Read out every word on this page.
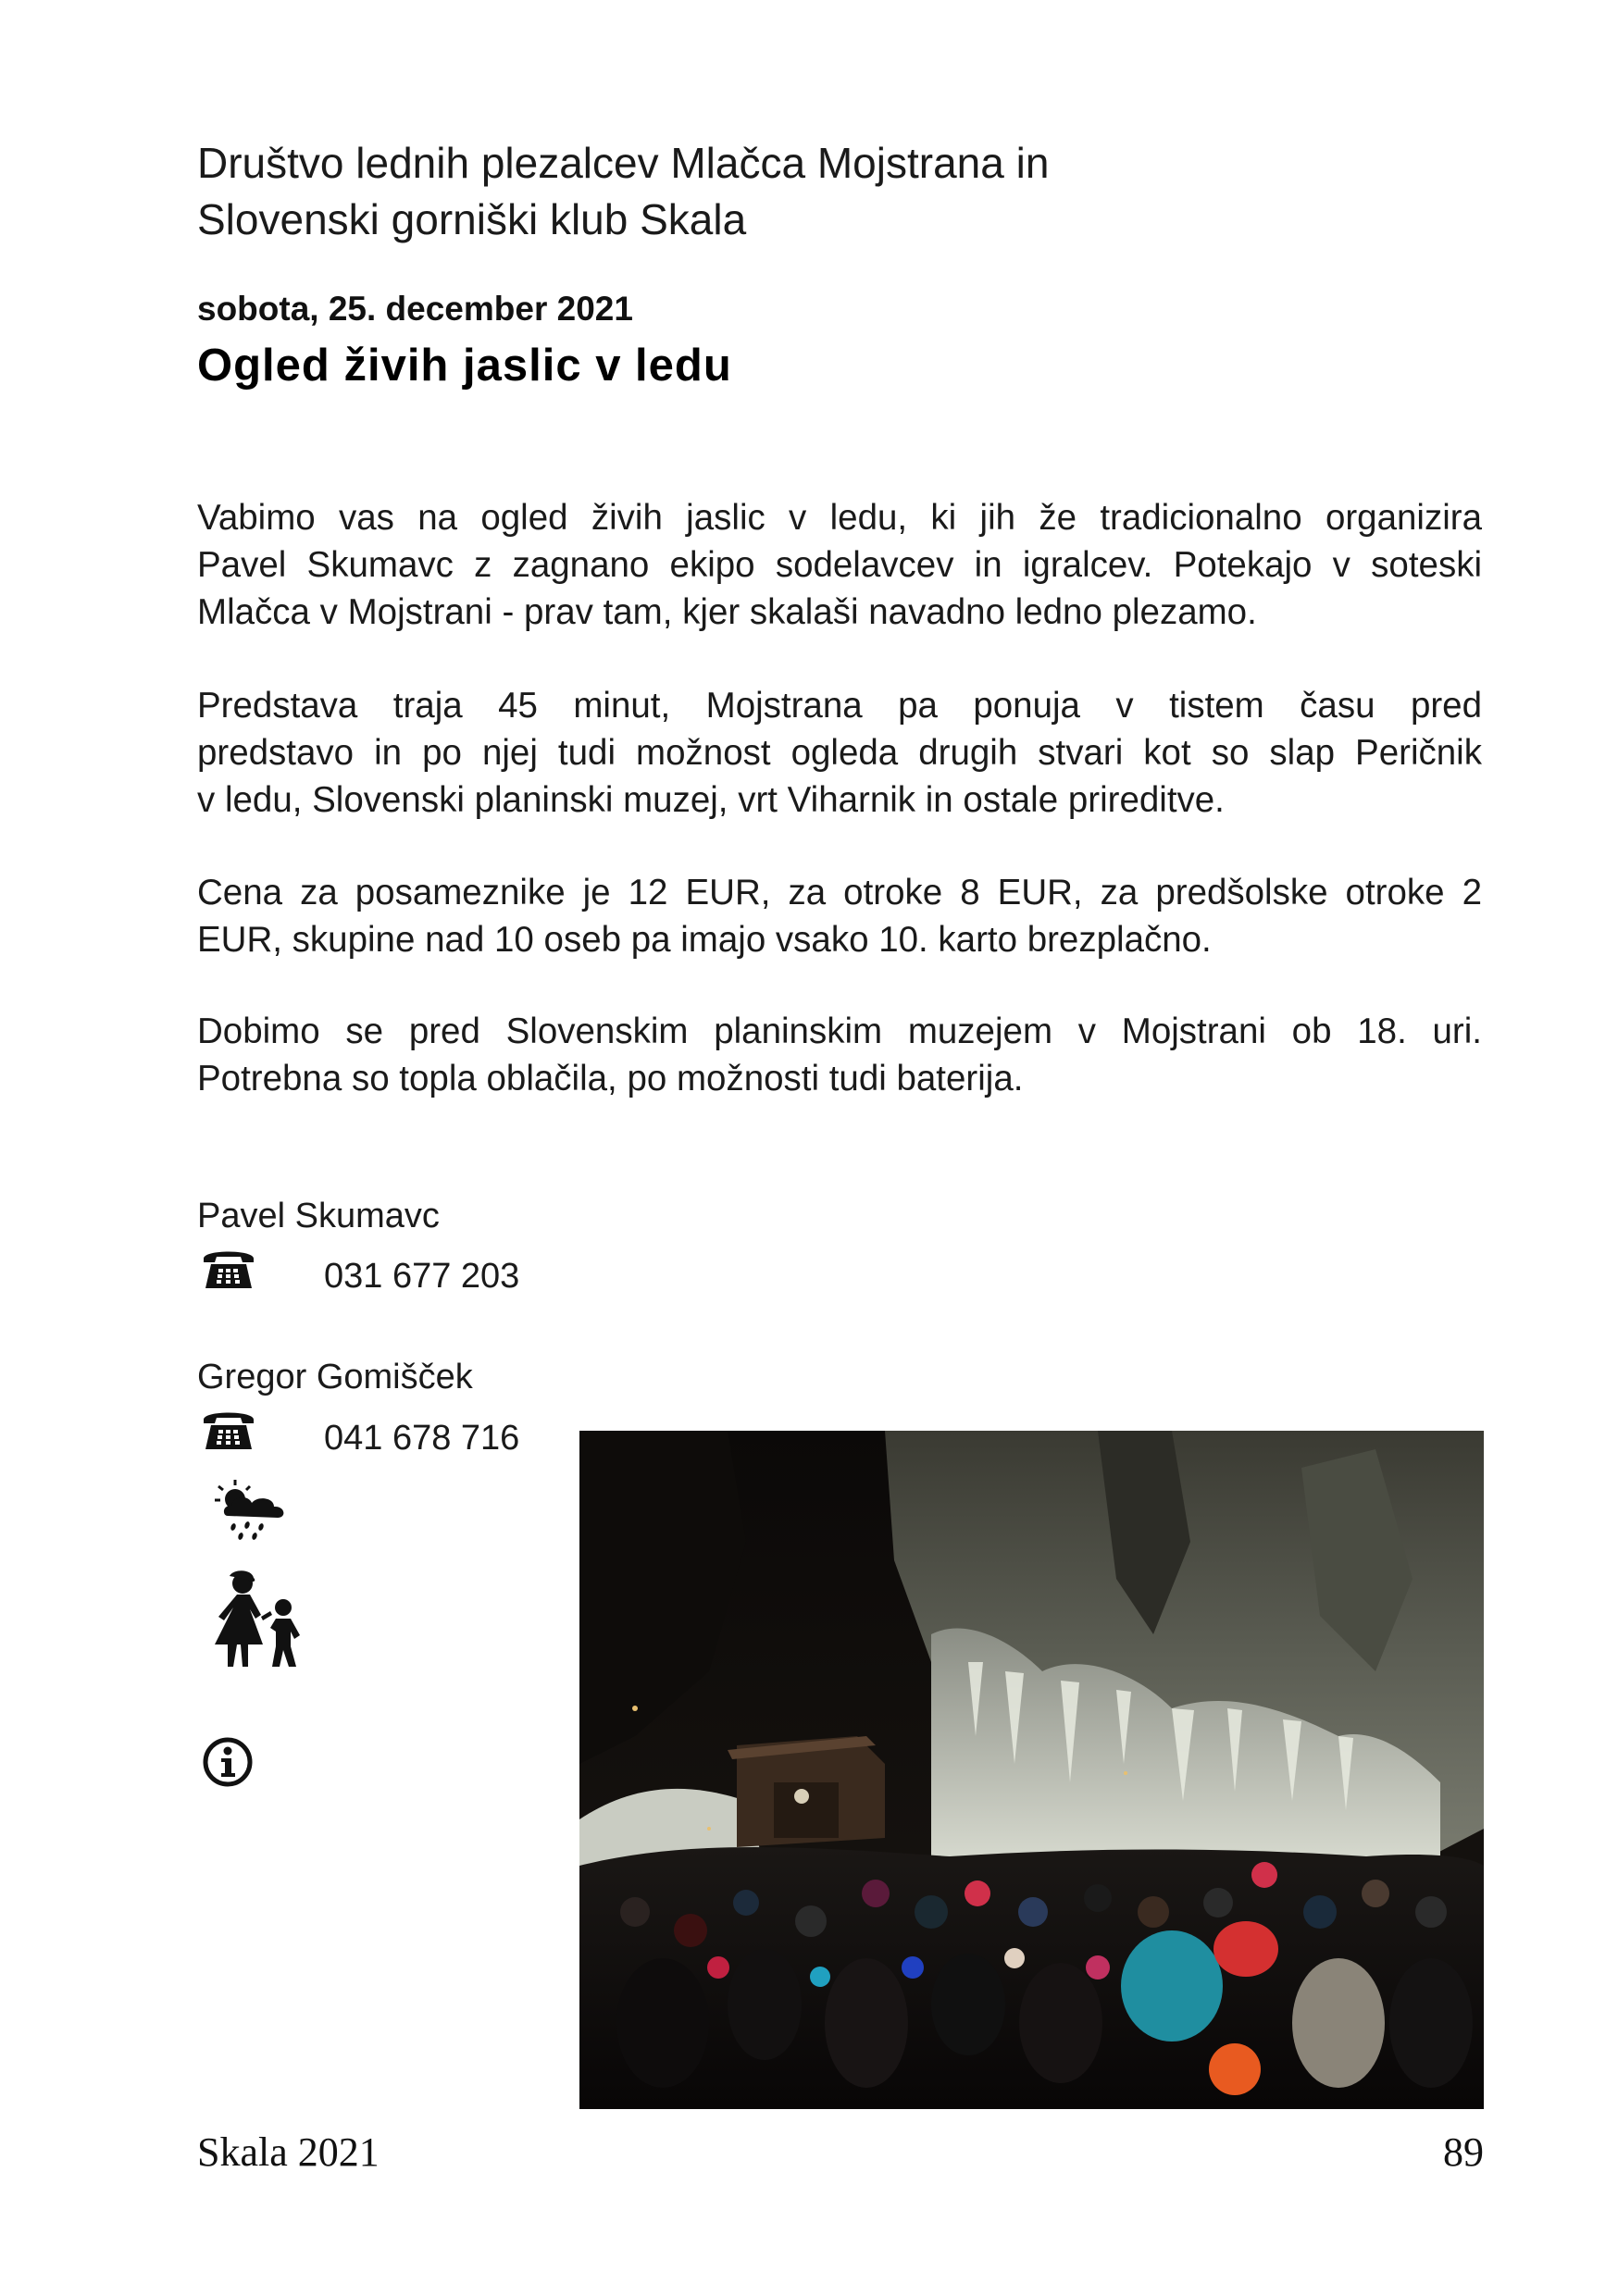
Društvo lednih plezalcev Mlačca Mojstrana in
Slovenski gorniški klub Skala
sobota, 25. december 2021
Ogled živih jaslic v ledu
Vabimo vas na ogled živih jaslic v ledu, ki jih že tradicionalno organizira
Pavel Skumavc z zagnano ekipo sodelavcev in igralcev. Potekajo v soteski
Mlačca v Mojstrani - prav tam, kjer skalaši navadno ledno plezamo.
Predstava traja 45 minut, Mojstrana pa ponuja v tistem času pred
predstavo in po njej tudi možnost ogleda drugih stvari kot so slap Peričnik
v ledu, Slovenski planinski muzej, vrt Viharnik in ostale prireditve.
Cena za posameznike je 12 EUR, za otroke 8 EUR, za predšolske otroke 2
EUR, skupine nad 10 oseb pa imajo vsako 10. karto brezplačno.
Dobimo se pred Slovenskim planinskim muzejem v Mojstrani ob 18. uri.
Potrebna so topla oblačila, po možnosti tudi baterija.
Pavel Skumavc
031 677 203
Gregor Gomišček
041 678 716
Skala 2021	89
